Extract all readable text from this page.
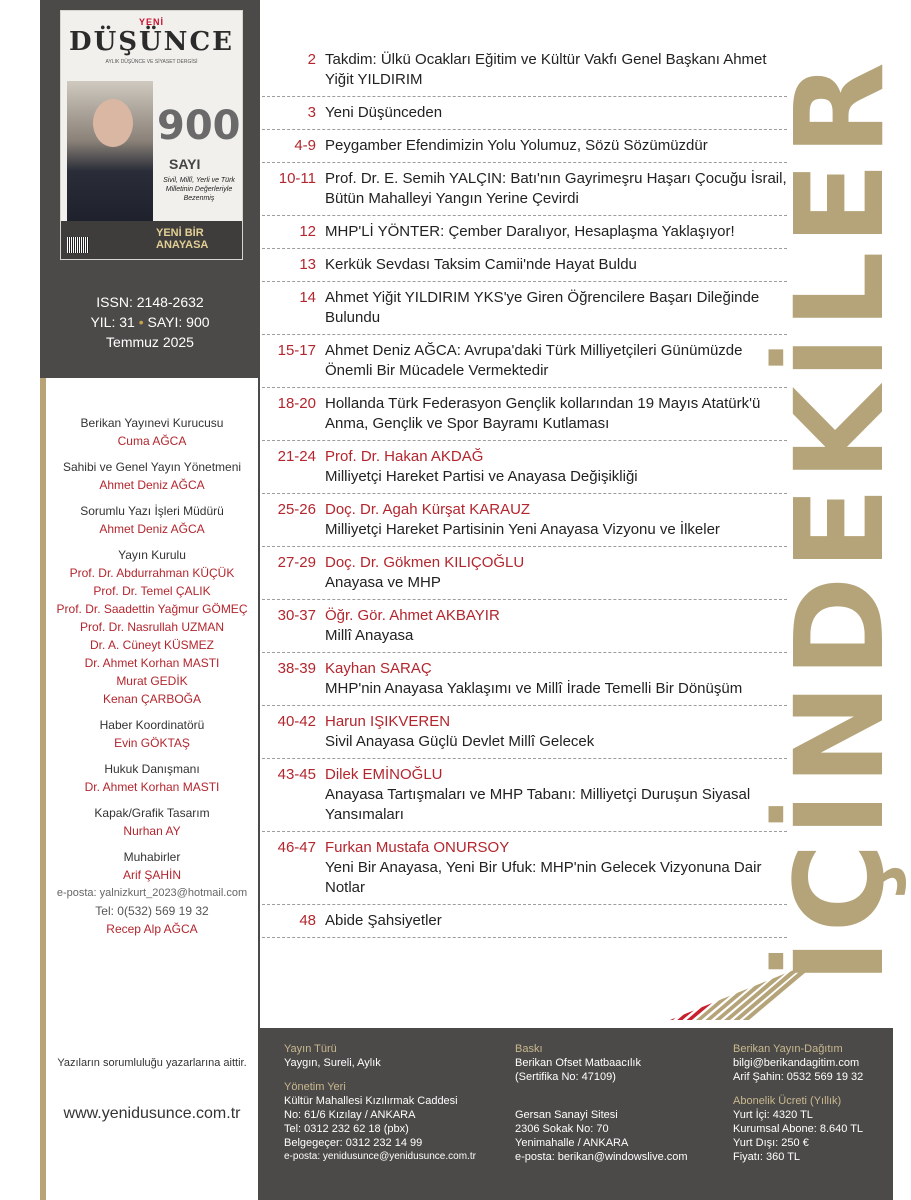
YENİ
DÜŞÜNCE
AYLIK DÜŞÜNCE VE SİYASET DERGİSİ
900
SAYI
Sivil, Millî, Yerli ve Türk Milletinin Değerleriyle Bezenmiş
YENİ BİR ANAYASA
ISSN: 2148-2632
YIL: 31 • SAYI: 900
Temmuz 2025
Berikan Yayınevi Kurucusu
Cuma AĞCA
Sahibi ve Genel Yayın Yönetmeni
Ahmet Deniz AĞCA
Sorumlu Yazı İşleri Müdürü
Ahmet Deniz AĞCA
Yayın Kurulu
Prof. Dr. Abdurrahman KÜÇÜK
Prof. Dr. Temel ÇALIK
Prof. Dr. Saadettin Yağmur GÖMEÇ
Prof. Dr. Nasrullah UZMAN
Dr. A. Cüneyt KÜSMEZ
Dr. Ahmet Korhan MASTI
Murat GEDİK
Kenan ÇARBOĞA
Haber Koordinatörü
Evin GÖKTAŞ
Hukuk Danışmanı
Dr. Ahmet Korhan MASTI
Kapak/Grafik Tasarım
Nurhan AY
Muhabirler
Arif ŞAHİN
e-posta: yalnizkurt_2023@hotmail.com
Tel: 0(532) 569 19 32
Recep Alp AĞCA
Yazıların sorumluluğu yazarlarına aittir.
www.yenidusunce.com.tr
2 Takdim: Ülkü Ocakları Eğitim ve Kültür Vakfı Genel Başkanı Ahmet Yiğit YILDIRIM
3 Yeni Düşünceden
4-9 Peygamber Efendimizin Yolu Yolumuz, Sözü Sözümüzdür
10-11 Prof. Dr. E. Semih YALÇIN: Batı'nın Gayrimeşru Haşarı Çocuğu İsrail, Bütün Mahalleyi Yangın Yerine Çevirdi
12 MHP'Lİ YÖNTER: Çember Daralıyor, Hesaplaşma Yaklaşıyor!
13 Kerkük Sevdası Taksim Camii'nde Hayat Buldu
14 Ahmet Yiğit YILDIRIM YKS'ye Giren Öğrencilere Başarı Dileğinde Bulundu
15-17 Ahmet Deniz AĞCA: Avrupa'daki Türk Milliyetçileri Günümüzde Önemli Bir Mücadele Vermektedir
18-20 Hollanda Türk Federasyon Gençlik kollarından 19 Mayıs Atatürk'ü Anma, Gençlik ve Spor Bayramı Kutlaması
21-24 Prof. Dr. Hakan AKDAĞ
Milliyetçi Hareket Partisi ve Anayasa Değişikliği
25-26 Doç. Dr. Agah Kürşat KARAUZ
Milliyetçi Hareket Partisinin Yeni Anayasa Vizyonu ve İlkeler
27-29 Doç. Dr. Gökmen KILIÇOĞLU
Anayasa ve MHP
30-37 Öğr. Gör. Ahmet AKBAYIR
Millî Anayasa
38-39 Kayhan SARAÇ
MHP'nin Anayasa Yaklaşımı ve Millî İrade Temelli Bir Dönüşüm
40-42 Harun IŞIKVEREN
Sivil Anayasa Güçlü Devlet Millî Gelecek
43-45 Dilek EMİNOĞLU
Anayasa Tartışmaları ve MHP Tabanı: Milliyetçi Duruşun Siyasal Yansımaları
46-47 Furkan Mustafa ONURSOY
Yeni Bir Anayasa, Yeni Bir Ufuk: MHP'nin Gelecek Vizyonuna Dair Notlar
48 Abide Şahsiyetler	İÇİNDEKİLER
Yayın Türü
Yaygın, Sureli, Aylık
Yönetim Yeri
Kültür Mahallesi Kızılırmak Caddesi
No: 61/6 Kızılay / ANKARA
Tel: 0312 232 62 18 (pbx)
Belgegeçer: 0312 232 14 99
e-posta: yenidusunce@yenidusunce.com.tr
Baskı
Berikan Ofset Matbaacılık
(Sertifika No: 47109)
Gersan Sanayi Sitesi
2306 Sokak No: 70
Yenimahalle / ANKARA
e-posta: berikan@windowslive.com
Berikan Yayın-Dağıtım
bilgi@berikandagitim.com
Arif Şahin: 0532 569 19 32
Abonelik Ücreti (Yıllık)
Yurt İçi: 4320 TL
Kurumsal Abone: 8.640 TL
Yurt Dışı: 250 €
Fiyatı: 360 TL
